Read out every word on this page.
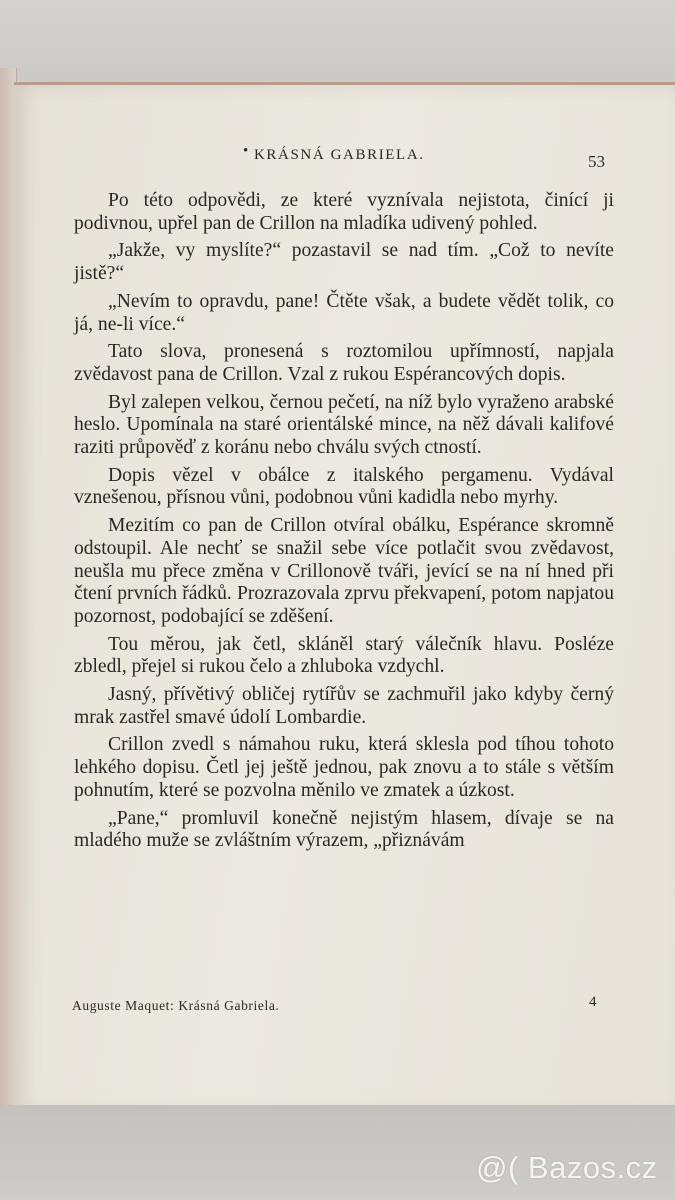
• KRÁSNÁ GABRIELA.	53

Po této odpovědi, ze které vyznívala nejistota, činící ji podivnou, upřel pan de Crillon na mladíka udivený pohled.

„Jakže, vy myslíte?“ pozastavil se nad tím. „Což to nevíte jistě?“

„Nevím to opravdu, pane! Čtěte však, a budete vědět tolik, co já, ne-li více.“

Tato slova, pronesená s roztomilou upřímností, napjala zvědavost pana de Crillon. Vzal z rukou Espérancových dopis.

Byl zalepen velkou, černou pečetí, na níž bylo vyraženo arabské heslo. Upomínala na staré orientálské mince, na něž dávali kalifové raziti průpověď z koránu nebo chválu svých ctností.

Dopis vězel v obálce z italského pergamenu. Vydával vznešenou, přísnou vůni, podobnou vůni kadidla nebo myrhy.

Mezitím co pan de Crillon otvíral obálku, Espérance skromně odstoupil. Ale nechť se snažil sebe více potlačit svou zvědavost, neušla mu přece změna v Crillonově tváři, jevící se na ní hned při čtení prvních řádků. Prozrazovala zprvu překvapení, potom napjatou pozornost, podobající se zděšení.

Tou měrou, jak četl, skláněl starý válečník hlavu. Posléze zbledl, přejel si rukou čelo a zhluboka vzdychl.

Jasný, přívětivý obličej rytířův se zachmuřil jako kdyby černý mrak zastřel smavé údolí Lombardie.

Crillon zvedl s námahou ruku, která sklesla pod tíhou tohoto lehkého dopisu. Četl jej ještě jednou, pak znovu a to stále s větším pohnutím, které se pozvolna měnilo ve zmatek a úzkost.

„Pane,“ promluvil konečně nejistým hlasem, dívaje se na mladého muže se zvláštním výrazem, „přiznávám

Auguste Maquet: Krásná Gabriela.	4
@( Bazos.cz
